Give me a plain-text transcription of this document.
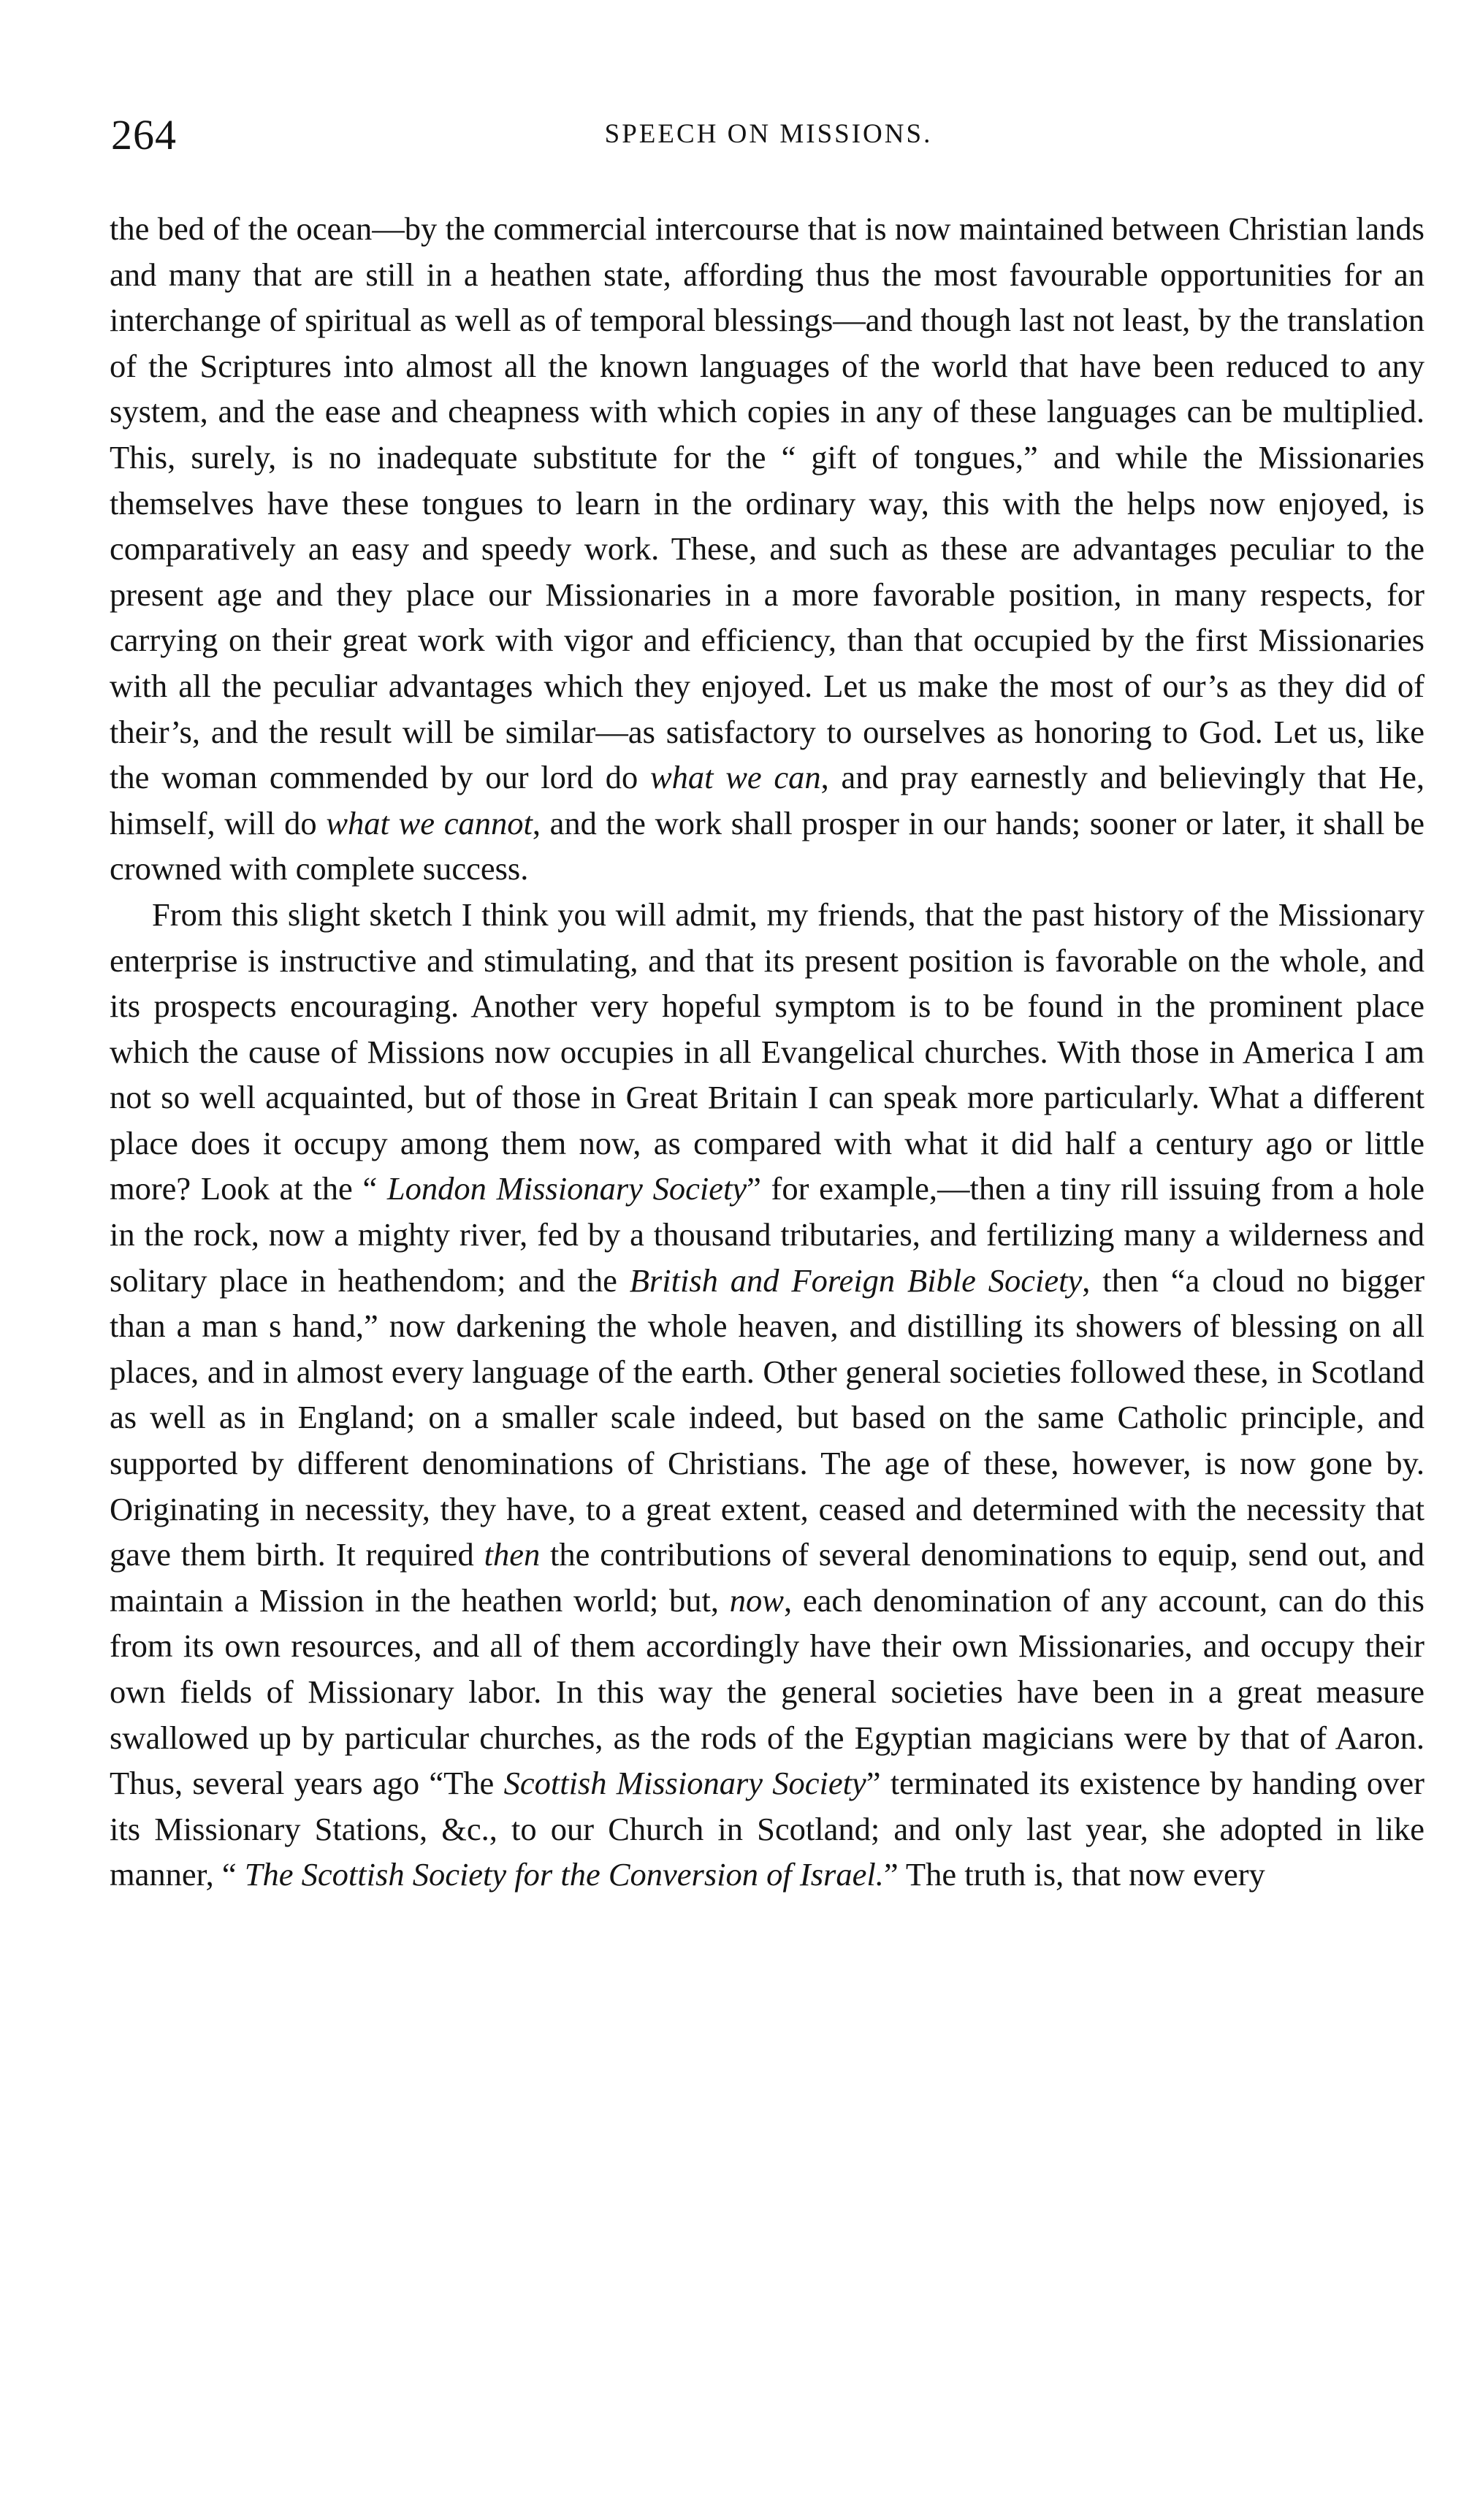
264	SPEECH ON MISSIONS.

the bed of the ocean—by the commercial intercourse that is now maintained between Christian lands and many that are still in a heathen state, affording thus the most favourable opportunities for an interchange of spiritual as well as of temporal blessings—and though last not least, by the translation of the Scriptures into almost all the known languages of the world that have been reduced to any system, and the ease and cheapness with which copies in any of these languages can be multiplied. This, surely, is no inadequate substitute for the “ gift of tongues,” and while the Missionaries themselves have these tongues to learn in the ordinary way, this with the helps now enjoyed, is comparatively an easy and speedy work. These, and such as these are advantages peculiar to the present age and they place our Missionaries in a more favorable position, in many respects, for carrying on their great work with vigor and efficiency, than that occupied by the first Missionaries with all the peculiar advantages which they enjoyed. Let us make the most of our’s as they did of their’s, and the result will be similar—as satisfactory to ourselves as honoring to God. Let us, like the woman commended by our lord do what we can, and pray earnestly and believingly that He, himself, will do what we cannot, and the work shall prosper in our hands; sooner or later, it shall be crowned with complete success.

From this slight sketch I think you will admit, my friends, that the past history of the Missionary enterprise is instructive and stimulating, and that its present position is favorable on the whole, and its prospects encouraging. Another very hopeful symptom is to be found in the prominent place which the cause of Missions now occupies in all Evangelical churches. With those in America I am not so well acquainted, but of those in Great Britain I can speak more particularly. What a different place does it occupy among them now, as compared with what it did half a century ago or little more? Look at the “ London Missionary Society” for example,—then a tiny rill issuing from a hole in the rock, now a mighty river, fed by a thousand tributaries, and fertilizing many a wilderness and solitary place in heathendom; and the British and Foreign Bible Society, then “a cloud no bigger than a man s hand,” now darkening the whole heaven, and distilling its showers of blessing on all places, and in almost every language of the earth. Other general societies followed these, in Scotland as well as in England; on a smaller scale indeed, but based on the same Catholic principle, and supported by different denominations of Christians. The age of these, however, is now gone by. Originating in necessity, they have, to a great extent, ceased and determined with the necessity that gave them birth. It required then the contributions of several denominations to equip, send out, and maintain a Mission in the heathen world; but, now, each denomination of any account, can do this from its own resources, and all of them accordingly have their own Missionaries, and occupy their own fields of Missionary labor. In this way the general societies have been in a great measure swallowed up by particular churches, as the rods of the Egyptian magicians were by that of Aaron. Thus, several years ago “The Scottish Missionary Society” terminated its existence by handing over its Missionary Stations, &c., to our Church in Scotland; and only last year, she adopted in like manner, “ The Scottish Society for the Conversion of Israel.” The truth is, that now every
